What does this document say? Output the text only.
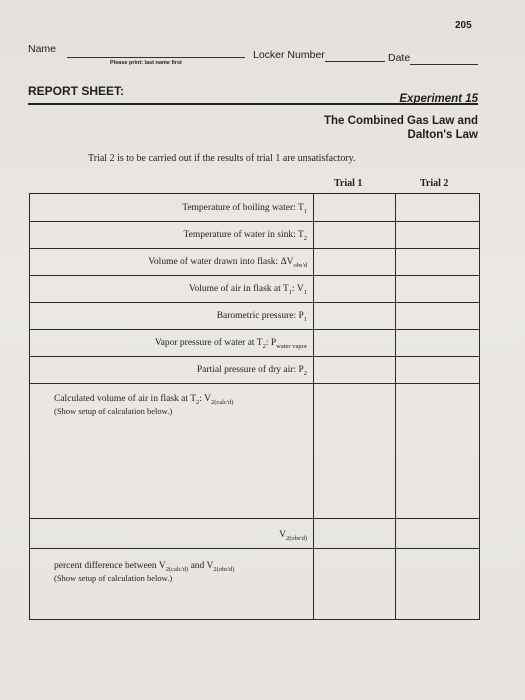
205
Name
Please print: last name first
Locker Number	Date
REPORT SHEET:
Experiment 15
The Combined Gas Law and
Dalton's Law
Trial 2 is to be carried out if the results of trial 1 are unsatisfactory.
Trial 1	Trial 2
Temperature of boiling water: $T_1$
Temperature of water in sink: $T_2$
Volume of water drawn into flask: $\Delta V_{obs'd}$
Volume of air in flask at $T_1$: $V_1$
Barometric pressure: $P_1$
Vapor pressure of water at $T_2$: $P_{water vapor}$
Partial pressure of dry air: $P_2$
Calculated volume of air in flask at $T_2$: $V_{2(calc'd)}$
(Show setup of calculation below.)
$V_{2(obs'd)}$
percent difference between $V_{2(calc'd)}$ and $V_{2(obs'd)}$
(Show setup of calculation below.)
